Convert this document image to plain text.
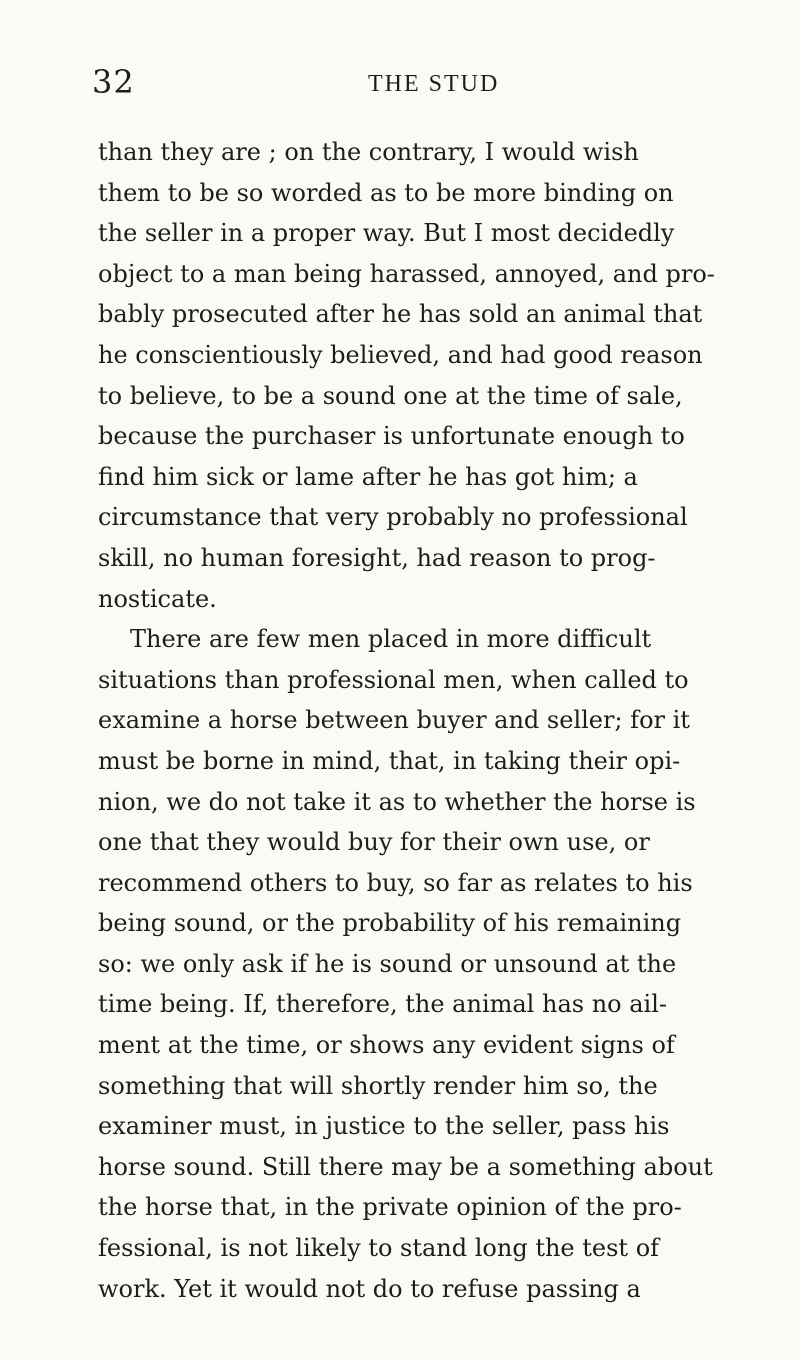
32	THE STUD
than they are ; on the contrary, I would wish
them to be so worded as to be more binding on
the seller in a proper way. But I most decidedly
object to a man being harassed, annoyed, and pro-
bably prosecuted after he has sold an animal that
he conscientiously believed, and had good reason
to believe, to be a sound one at the time of sale,
because the purchaser is unfortunate enough to
find him sick or lame after he has got him; a
circumstance that very probably no professional
skill, no human foresight, had reason to prog-
nosticate.
There are few men placed in more difficult
situations than professional men, when called to
examine a horse between buyer and seller; for it
must be borne in mind, that, in taking their opi-
nion, we do not take it as to whether the horse is
one that they would buy for their own use, or
recommend others to buy, so far as relates to his
being sound, or the probability of his remaining
so: we only ask if he is sound or unsound at the
time being. If, therefore, the animal has no ail-
ment at the time, or shows any evident signs of
something that will shortly render him so, the
examiner must, in justice to the seller, pass his
horse sound. Still there may be a something about
the horse that, in the private opinion of the pro-
fessional, is not likely to stand long the test of
work. Yet it would not do to refuse passing a
